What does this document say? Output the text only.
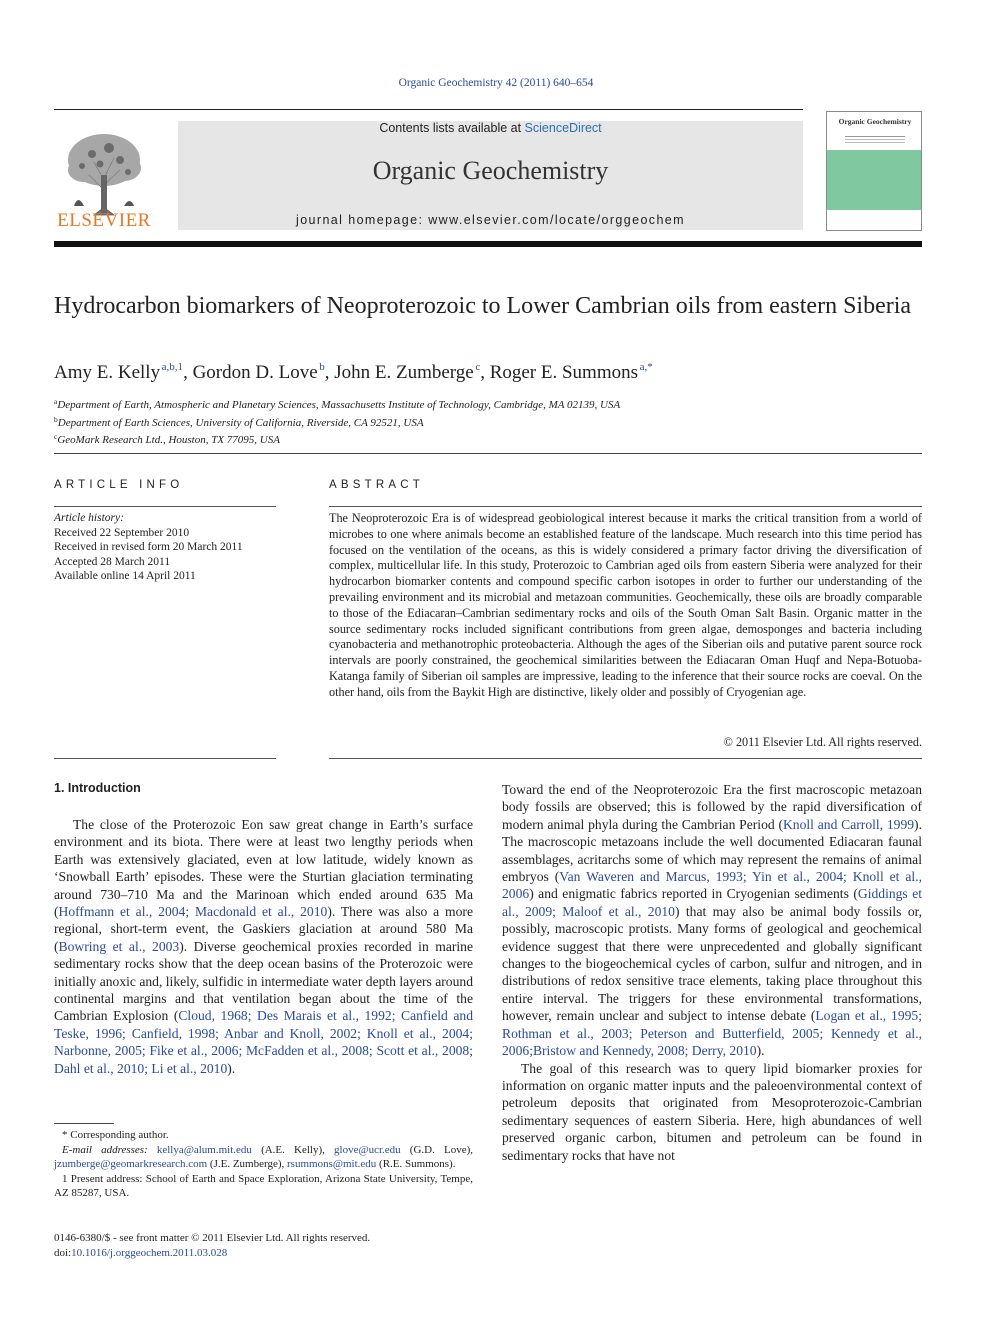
Organic Geochemistry 42 (2011) 640–654
ELSEVIER
Contents lists available at ScienceDirect
Organic Geochemistry
journal homepage: www.elsevier.com/locate/orggeochem
Organic Geochemistry
Hydrocarbon biomarkers of Neoproterozoic to Lower Cambrian oils from eastern Siberia
Amy E. Kelly  $^{a,b,1}$, Gordon D. Love  $^b$, John E. Zumberge  $^c$, Roger E. Summons  $^{a,*}$
$^a$Department of Earth, Atmospheric and Planetary Sciences, Massachusetts Institute of Technology, Cambridge, MA 02139, USA
$^b$Department of Earth Sciences, University of California, Riverside, CA 92521, USA
$^c$GeoMark Research Ltd., Houston, TX 77095, USA
ARTICLE INFO
Article history:
Received 22 September 2010
Received in revised form 20 March 2011
Accepted 28 March 2011
Available online 14 April 2011
ABSTRACT
The Neoproterozoic Era is of widespread geobiological interest because it marks the critical transition from a world of microbes to one where animals become an established feature of the landscape. Much research into this time period has focused on the ventilation of the oceans, as this is widely considered a primary factor driving the diversification of complex, multicellular life. In this study, Proterozoic to Cambrian aged oils from eastern Siberia were analyzed for their hydrocarbon biomarker contents and compound specific carbon isotopes in order to further our understanding of the prevailing environment and its microbial and metazoan communities. Geochemically, these oils are broadly comparable to those of the Ediacaran–Cambrian sedimentary rocks and oils of the South Oman Salt Basin. Organic matter in the source sedimentary rocks included significant contributions from green algae, demosponges and bacteria including cyanobacteria and methanotrophic proteobacteria. Although the ages of the Siberian oils and putative parent source rock intervals are poorly constrained, the geochemical similarities between the Ediacaran Oman Huqf and Nepa-Botuoba-Katanga family of Siberian oil samples are impressive, leading to the inference that their source rocks are coeval. On the other hand, oils from the Baykit High are distinctive, likely older and possibly of Cryogenian age.
© 2011 Elsevier Ltd. All rights reserved.
1. Introduction

The close of the Proterozoic Eon saw great change in Earth’s surface environment and its biota. There were at least two lengthy periods when Earth was extensively glaciated, even at low latitude, widely known as ‘Snowball Earth’ episodes. These were the Sturtian glaciation terminating around 730–710 Ma and the Marinoan which ended around 635 Ma (Hoffmann et al., 2004; Macdonald et al., 2010). There was also a more regional, short-term event, the Gaskiers glaciation at around 580 Ma (Bowring et al., 2003). Diverse geochemical proxies recorded in marine sedimentary rocks show that the deep ocean basins of the Proterozoic were initially anoxic and, likely, sulfidic in intermediate water depth layers around continental margins and that ventilation began about the time of the Cambrian Explosion (Cloud, 1968; Des Marais et al., 1992; Canfield and Teske, 1996; Canfield, 1998; Anbar and Knoll, 2002; Knoll et al., 2004; Narbonne, 2005; Fike et al., 2006; McFadden et al., 2008; Scott et al., 2008; Dahl et al., 2010; Li et al., 2010).

Toward the end of the Neoproterozoic Era the first macroscopic metazoan body fossils are observed; this is followed by the rapid diversification of modern animal phyla during the Cambrian Period (Knoll and Carroll, 1999). The macroscopic metazoans include the well documented Ediacaran faunal assemblages, acritarchs some of which may represent the remains of animal embryos (Van Waveren and Marcus, 1993; Yin et al., 2004; Knoll et al., 2006) and enigmatic fabrics reported in Cryogenian sediments (Giddings et al., 2009; Maloof et al., 2010) that may also be animal body fossils or, possibly, macroscopic protists. Many forms of geological and geochemical evidence suggest that there were unprecedented and globally significant changes to the biogeochemical cycles of carbon, sulfur and nitrogen, and in distributions of redox sensitive trace elements, taking place throughout this entire interval. The triggers for these environmental transformations, however, remain unclear and subject to intense debate (Logan et al., 1995; Rothman et al., 2003; Peterson and Butterfield, 2005; Kennedy et al., 2006;Bristow and Kennedy, 2008; Derry, 2010).

The goal of this research was to query lipid biomarker proxies for information on organic matter inputs and the paleoenvironmental context of petroleum deposits that originated from Mesoproterozoic-Cambrian sedimentary sequences of eastern Siberia. Here, high abundances of well preserved organic carbon, bitumen and petroleum can be found in sedimentary rocks that have not

* Corresponding author.
E-mail addresses: kellya@alum.mit.edu (A.E. Kelly), glove@ucr.edu (G.D. Love), jzumberge@geomarkresearch.com (J.E. Zumberge), rsummons@mit.edu (R.E. Summons).
1 Present address: School of Earth and Space Exploration, Arizona State University, Tempe, AZ 85287, USA.
0146-6380/$ - see front matter © 2011 Elsevier Ltd. All rights reserved.
doi:10.1016/j.orggeochem.2011.03.028
